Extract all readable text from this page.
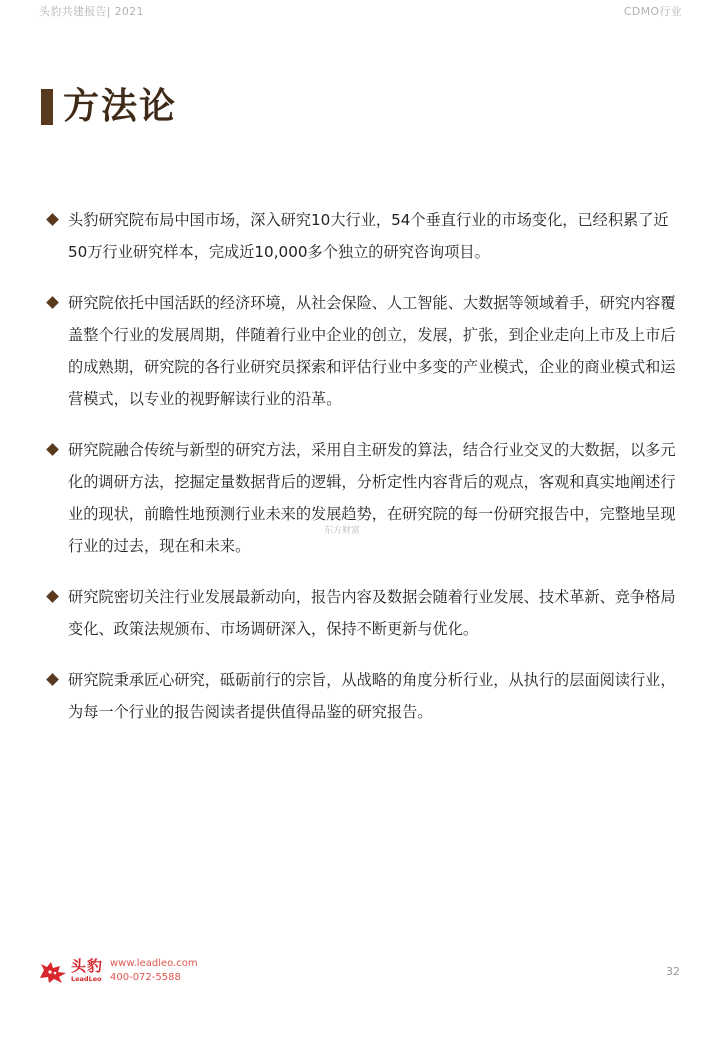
头豹共建报告| 2021	CDMO行业
方法论
头豹研究院布局中国市场，深入研究10大行业，54个垂直行业的市场变化，已经积累了近50万行业研究样本，完成近10,000多个独立的研究咨询项目。
研究院依托中国活跃的经济环境，从社会保险、人工智能、大数据等领域着手，研究内容覆盖整个行业的发展周期，伴随着行业中企业的创立，发展，扩张，到企业走向上市及上市后的成熟期，研究院的各行业研究员探索和评估行业中多变的产业模式，企业的商业模式和运营模式，以专业的视野解读行业的沿革。
研究院融合传统与新型的研究方法，采用自主研发的算法，结合行业交叉的大数据，以多元化的调研方法，挖掘定量数据背后的逻辑，分析定性内容背后的观点，客观和真实地阐述行业的现状，前瞻性地预测行业未来的发展趋势，在研究院的每一份研究报告中，完整地呈现行业的过去，现在和未来。
研究院密切关注行业发展最新动向，报告内容及数据会随着行业发展、技术革新、竞争格局变化、政策法规颁布、市场调研深入，保持不断更新与优化。
研究院秉承匠心研究，砥砺前行的宗旨，从战略的角度分析行业，从执行的层面阅读行业，为每一个行业的报告阅读者提供值得品鉴的研究报告。
东方财富
头豹
LeadLeo
www.leadleo.com
400-072-5588	32
